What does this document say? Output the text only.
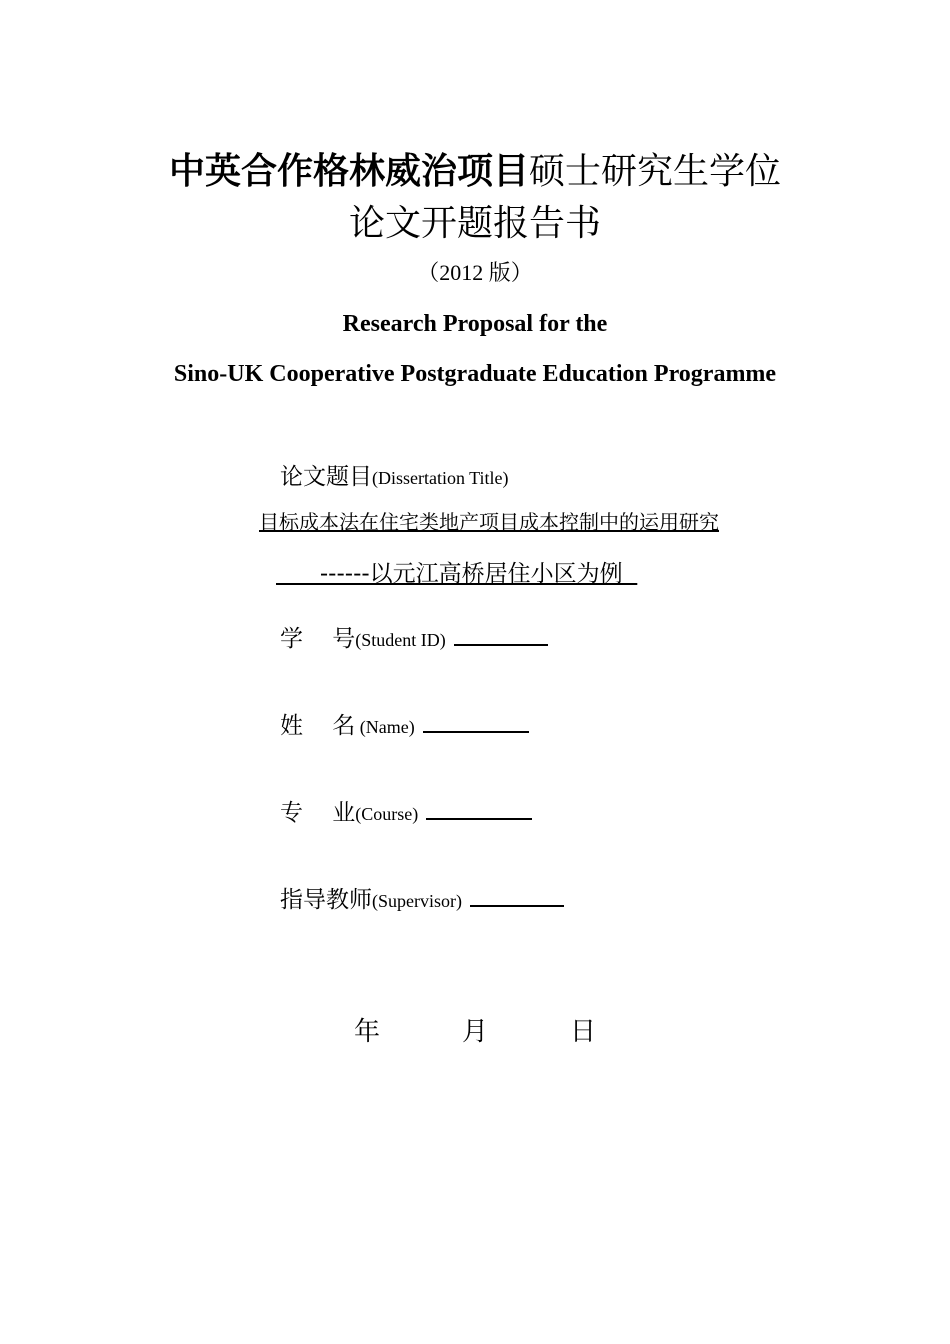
中英合作格林威治项目硕士研究生学位
论文开题报告书
（2012 版）
Research Proposal for the
Sino-UK Cooperative Postgraduate Education Programme
论文题目(Dissertation Title)
目标成本法在住宅类地产项目成本控制中的运用研究
------以元江高桥居住小区为例
学    号(Student ID)
姓    名 (Name)
专    业(Course)
指导教师(Supervisor)
年	月	日
